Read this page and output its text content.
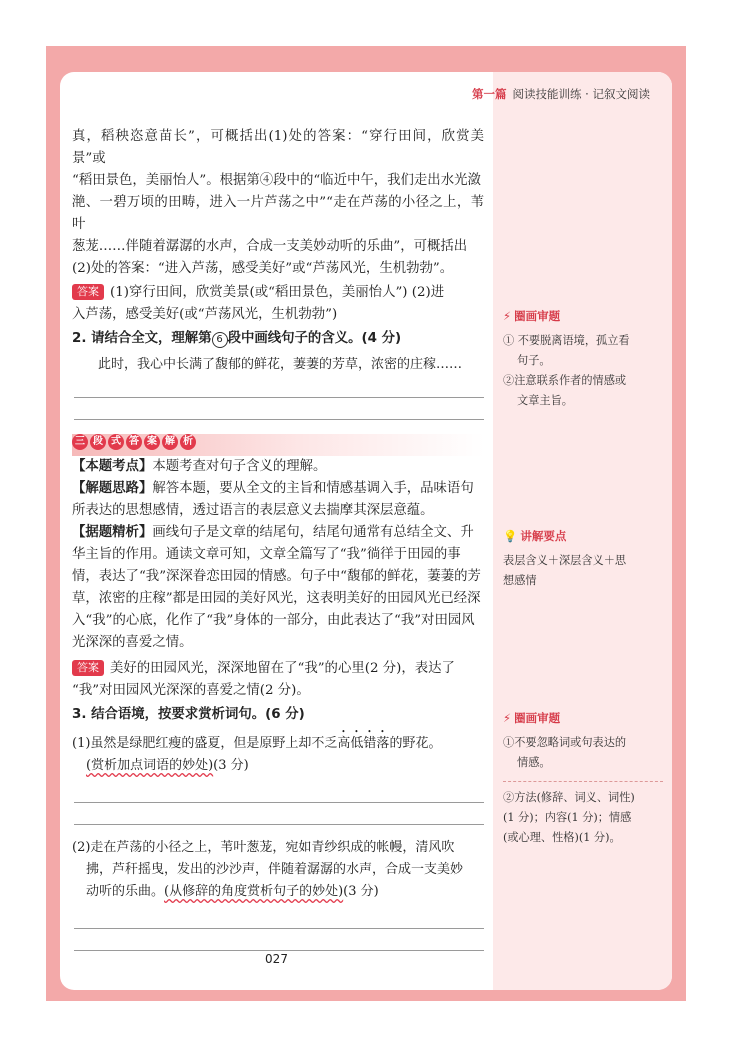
第一篇 阅读技能训练 · 记叙文阅读

真，稻秧恣意苗长”，可概括出(1)处的答案：“穿行田间，欣赏美景”或

“稻田景色，美丽怡人”。根据第④段中的“临近中午，我们走出水光潋

滟、一碧万顷的田畴，进入一片芦荡之中”“走在芦荡的小径之上，苇叶

葱茏……伴随着潺潺的水声，合成一支美妙动听的乐曲”，可概括出

(2)处的答案：“进入芦荡，感受美好”或“芦荡风光，生机勃勃”。

答案 (1)穿行田间，欣赏美景(或“稻田景色，美丽怡人”) (2)进

入芦荡，感受美好(或“芦荡风光，生机勃勃”)

2. 请结合全文，理解第 6 段中画线句子的含义。(4 分)

此时，我心中长满了馥郁的鲜花，萋萋的芳草，浓密的庄稼……

三 段 式 答 案 解 析

【本题考点】本题考查对句子含义的理解。

【解题思路】解答本题，要从全文的主旨和情感基调入手，品味语句

所表达的思想感情，透过语言的表层意义去揣摩其深层意蕴。

【据题精析】画线句子是文章的结尾句，结尾句通常有总结全文、升

华主旨的作用。通读文章可知，文章全篇写了“我”徜徉于田园的事

情，表达了“我”深深眷恋田园的情感。句子中“馥郁的鲜花，萋萋的芳

草，浓密的庄稼”都是田园的美好风光，这表明美好的田园风光已经深

入“我”的心底，化作了“我”身体的一部分，由此表达了“我”对田园风

光深深的喜爱之情。

答案 美好的田园风光，深深地留在了“我”的心里(2 分)，表达了

“我”对田园风光深深的喜爱之情(2 分)。

3. 结合语境，按要求赏析词句。(6 分)

(1)虽然是绿肥红瘦的盛夏，但是原野上却不乏高低错落的野花。

(赏析加点词语的妙处)(3 分)

(2)走在芦荡的小径之上，苇叶葱茏，宛如青纱织成的帐幔，清风吹

拂，芦秆摇曳，发出的沙沙声，伴随着潺潺的水声，合成一支美妙

动听的乐曲。(从修辞的角度赏析句子的妙处)(3 分)

⚡ 圈画审题
① 不要脱离语境，孤立看
句子。
②注意联系作者的情感或
文章主旨。
💡 讲解要点
表层含义＋深层含义＋思
想感情
⚡ 圈画审题
①不要忽略词或句表达的
情感。
②方法(修辞、词义、词性)
(1 分)；内容(1 分)；情感
(或心理、性格)(1 分)。
027
